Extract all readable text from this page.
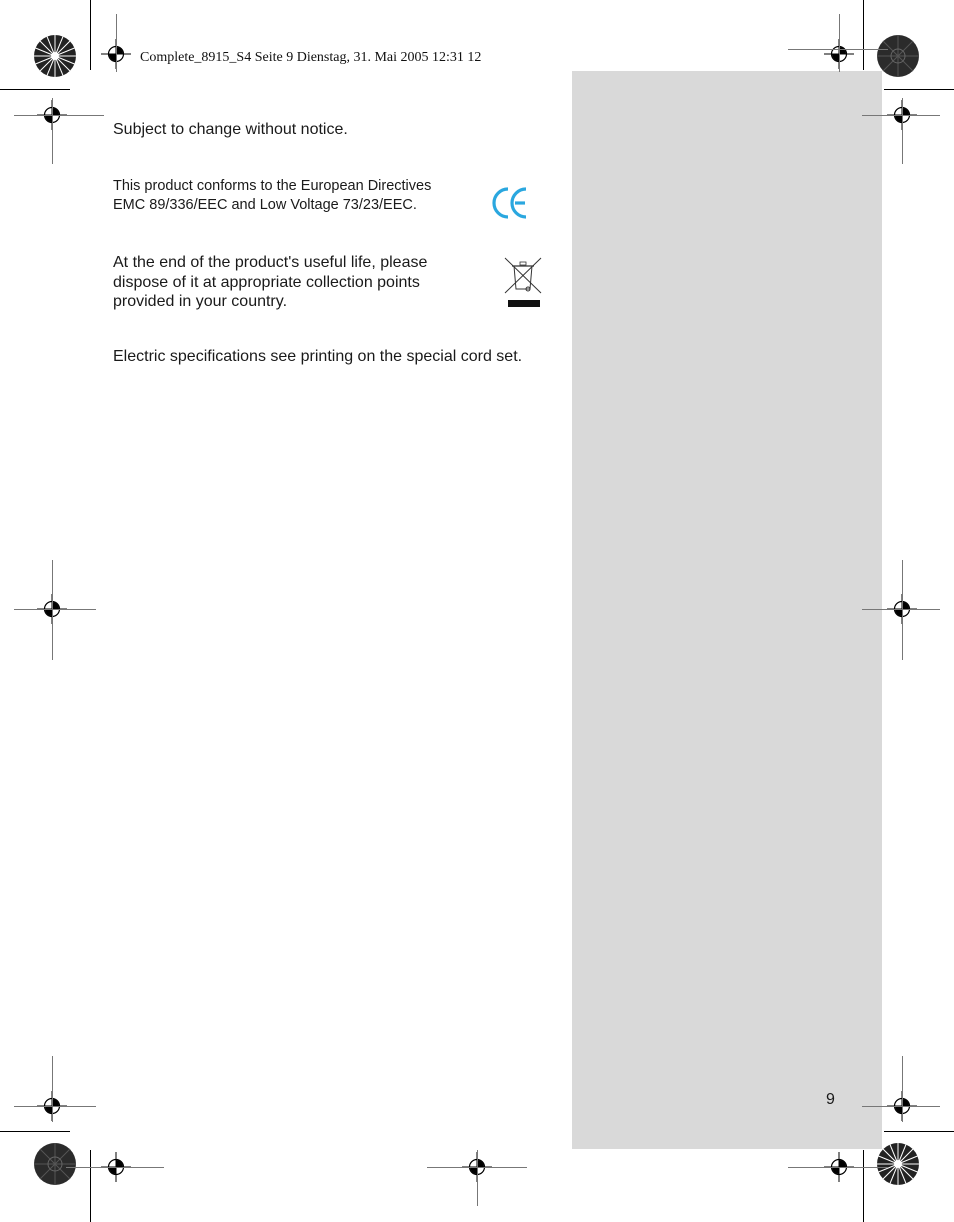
Complete_8915_S4 Seite 9 Dienstag, 31. Mai 2005 12:31 12
Subject to change without notice.
This product conforms to the European Directives
EMC 89/336/EEC and Low Voltage 73/23/EEC.
At the end of the product's useful life, please
dispose of it at appropriate collection points
provided in your country.
Electric specifications see printing on the special cord set.
9
